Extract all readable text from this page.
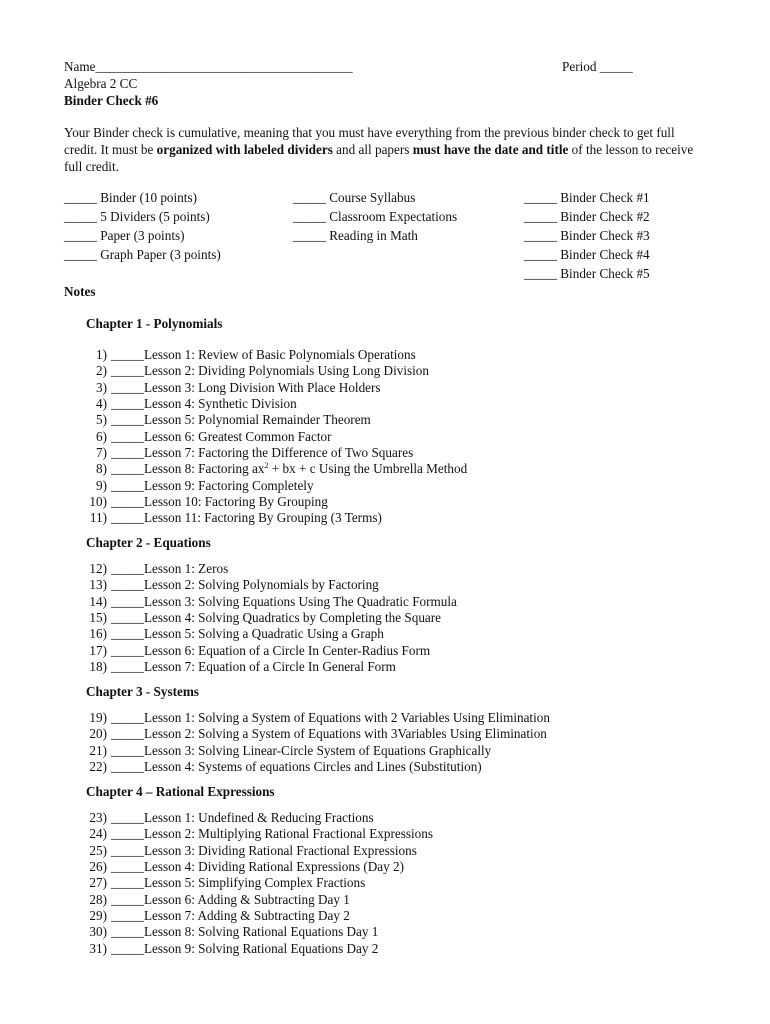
Name_______________________________________	Period _____
Algebra 2 CC
Binder Check #6
Your Binder check is cumulative, meaning that you must have everything from the previous binder check to get full credit. It must be organized with labeled dividers and all papers must have the date and title of the lesson to receive full credit.
_____ Binder (10 points)
_____ 5 Dividers (5 points)
_____ Paper (3 points)
_____ Graph Paper (3 points)
_____ Course Syllabus
_____ Classroom Expectations
_____ Reading in Math
_____ Binder Check #1
_____ Binder Check #2
_____ Binder Check #3
_____ Binder Check #4
_____ Binder Check #5
Notes
Chapter 1 - Polynomials
1) _____Lesson 1: Review of Basic Polynomials Operations
2) _____Lesson 2: Dividing Polynomials Using Long Division
3) _____Lesson 3: Long Division With Place Holders
4) _____Lesson 4: Synthetic Division
5) _____Lesson 5: Polynomial Remainder Theorem
6) _____Lesson 6: Greatest Common Factor
7) _____Lesson 7: Factoring the Difference of Two Squares
8) _____Lesson 8: Factoring $ax^2$ + bx + c Using the Umbrella Method
9) _____Lesson 9: Factoring Completely
10) _____Lesson 10: Factoring By Grouping
11) _____Lesson 11: Factoring By Grouping (3 Terms)
Chapter 2 - Equations
12) _____Lesson 1: Zeros
13) _____Lesson 2: Solving Polynomials by Factoring
14) _____Lesson 3: Solving Equations Using The Quadratic Formula
15) _____Lesson 4: Solving Quadratics by Completing the Square
16) _____Lesson 5: Solving a Quadratic Using a Graph
17) _____Lesson 6: Equation of a Circle In Center-Radius Form
18) _____Lesson 7: Equation of a Circle In General Form
Chapter 3 - Systems
19) _____Lesson 1: Solving a System of Equations with 2 Variables Using Elimination
20) _____Lesson 2: Solving a System of Equations with 3Variables Using Elimination
21) _____Lesson 3: Solving Linear-Circle System of Equations Graphically
22) _____Lesson 4: Systems of equations Circles and Lines (Substitution)
Chapter 4 – Rational Expressions
23) _____Lesson 1: Undefined & Reducing Fractions
24) _____Lesson 2: Multiplying Rational Fractional Expressions
25) _____Lesson 3: Dividing Rational Fractional Expressions
26) _____Lesson 4: Dividing Rational Expressions (Day 2)
27) _____Lesson 5: Simplifying Complex Fractions
28) _____Lesson 6: Adding & Subtracting Day 1
29) _____Lesson 7: Adding & Subtracting Day 2
30) _____Lesson 8: Solving Rational Equations Day 1
31) _____Lesson 9: Solving Rational Equations Day 2
